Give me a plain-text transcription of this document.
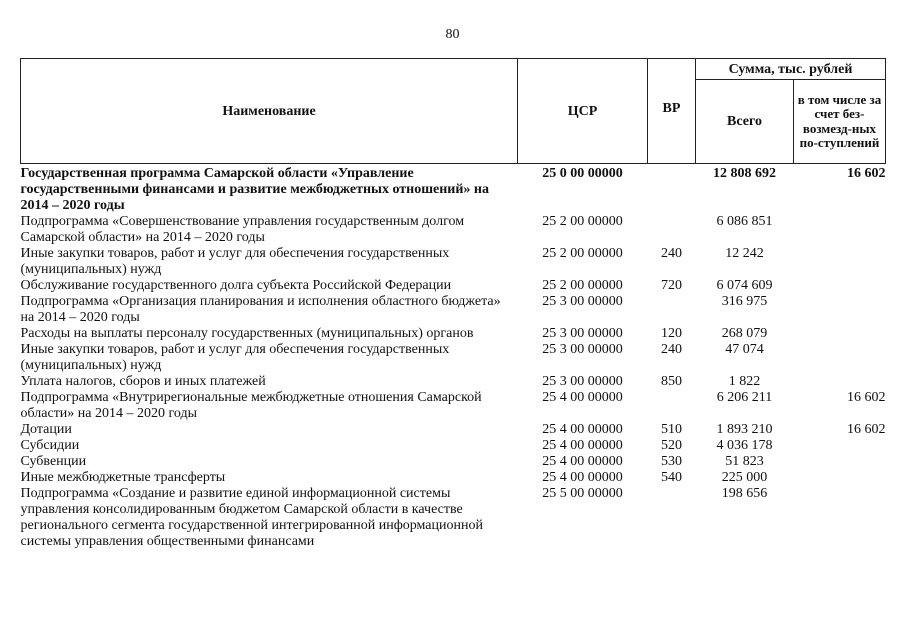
80
Наименование	ЦСР	ВР	Сумма, тыс. рублей	
			Всего	в том числе за счет без-возмезд-ных по-ступлений
Государственная программа Самарской области «Управление государственными финансами и развитие межбюджетных отношений» на 2014 – 2020 годы	25 0 00 00000		12 808 692	16 602
Подпрограмма «Совершенствование управления государственным долгом Самарской области» на 2014 – 2020 годы	25 2 00 00000		6 086 851	
Иные закупки товаров, работ и услуг для обеспечения государственных (муниципальных) нужд	25 2 00 00000	240	12 242	
Обслуживание государственного долга субъекта Российской Федерации	25 2 00 00000	720	6 074 609	
Подпрограмма «Организация планирования и исполнения областного бюджета» на 2014 – 2020 годы	25 3 00 00000		316 975	
Расходы на выплаты персоналу государственных (муниципальных) органов	25 3 00 00000	120	268 079	
Иные закупки товаров, работ и услуг для обеспечения государственных (муниципальных) нужд	25 3 00 00000	240	47 074	
Уплата налогов, сборов и иных платежей	25 3 00 00000	850	1 822	
Подпрограмма «Внутрирегиональные межбюджетные отношения Самарской области» на 2014 – 2020 годы	25 4 00 00000		6 206 211	16 602
Дотации	25 4 00 00000	510	1 893 210	16 602
Субсидии	25 4 00 00000	520	4 036 178	
Субвенции	25 4 00 00000	530	51 823	
Иные межбюджетные трансферты	25 4 00 00000	540	225 000	
Подпрограмма «Создание и развитие единой информационной системы управления консолидированным бюджетом Самарской области в качестве регионального сегмента государственной интегрированной информационной системы управления общественными финансами	25 5 00 00000		198 656	
